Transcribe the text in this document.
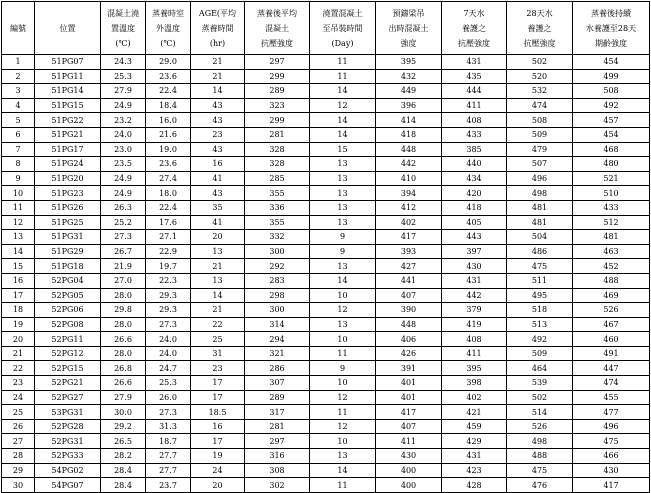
編號	位置	混凝土澆
置溫度
(℃)	蒸養時室
外溫度
(℃)	AGE(平均
蒸養時間
(hr)	蒸養後平均
混凝土
抗壓強度	澆置混凝土
至吊裝時間
(Day)	預鑄梁吊
出時混凝土
強度	7天水
養護之
抗壓強度	28天水
養護之
抗壓強度	蒸養後持續
水養護至28天
期齡強度

1	51PG07	24.3	29.0	21	297	11	395	431	502	454
2	51PG11	25.3	23.6	21	299	11	432	435	520	499
3	51PG14	27.9	22.4	14	289	14	449	444	532	508
4	51PG15	24.9	18.4	43	323	12	396	411	474	492
5	51PG22	23.2	16.0	43	299	14	414	408	508	457
6	51PG21	24.0	21.6	23	281	14	418	433	509	454
7	51PG17	23.0	19.0	43	328	15	448	385	479	468
8	51PG24	23.5	23.6	16	328	13	442	440	507	480
9	51PG20	24.9	27.4	41	285	13	410	434	496	521
10	51PG23	24.9	18.0	43	355	13	394	420	498	510
11	51PG26	26.3	22.4	35	336	13	412	418	481	433
12	51PG25	25.2	17.6	41	355	13	402	405	481	512
13	51PG31	27.3	27.1	20	332	9	417	443	504	481
14	51PG29	26.7	22.9	13	300	9	393	397	486	463
15	51PG18	21.9	19.7	21	292	13	427	430	475	452
16	52PG04	27.0	22.3	13	283	14	441	431	511	488
17	52PG05	28.0	29.3	14	298	10	407	442	495	469
18	52PG06	29.8	29.3	21	300	12	390	379	518	526
19	52PG08	28.0	27.3	22	314	13	448	419	513	467
20	52PG11	26.6	24.0	25	294	10	406	408	492	460
21	52PG12	28.0	24.0	31	321	11	426	411	509	491
22	52PG15	26.8	24.7	23	286	9	391	395	464	447
23	52PG21	26.6	25.3	17	307	10	401	398	539	474
24	52PG27	27.9	26.0	17	289	12	401	402	502	455
25	53PG31	30.0	27.3	18.5	317	11	417	421	514	477
26	52PG28	29.2	31.3	16	281	12	407	459	526	496
27	52PG31	26.5	18.7	17	297	10	411	429	498	475
28	52PG33	28.2	27.7	19	316	13	430	431	488	466
29	54PG02	28.4	27.7	24	308	14	400	423	475	430
30	54PG07	28.4	23.7	20	302	11	400	428	476	417
